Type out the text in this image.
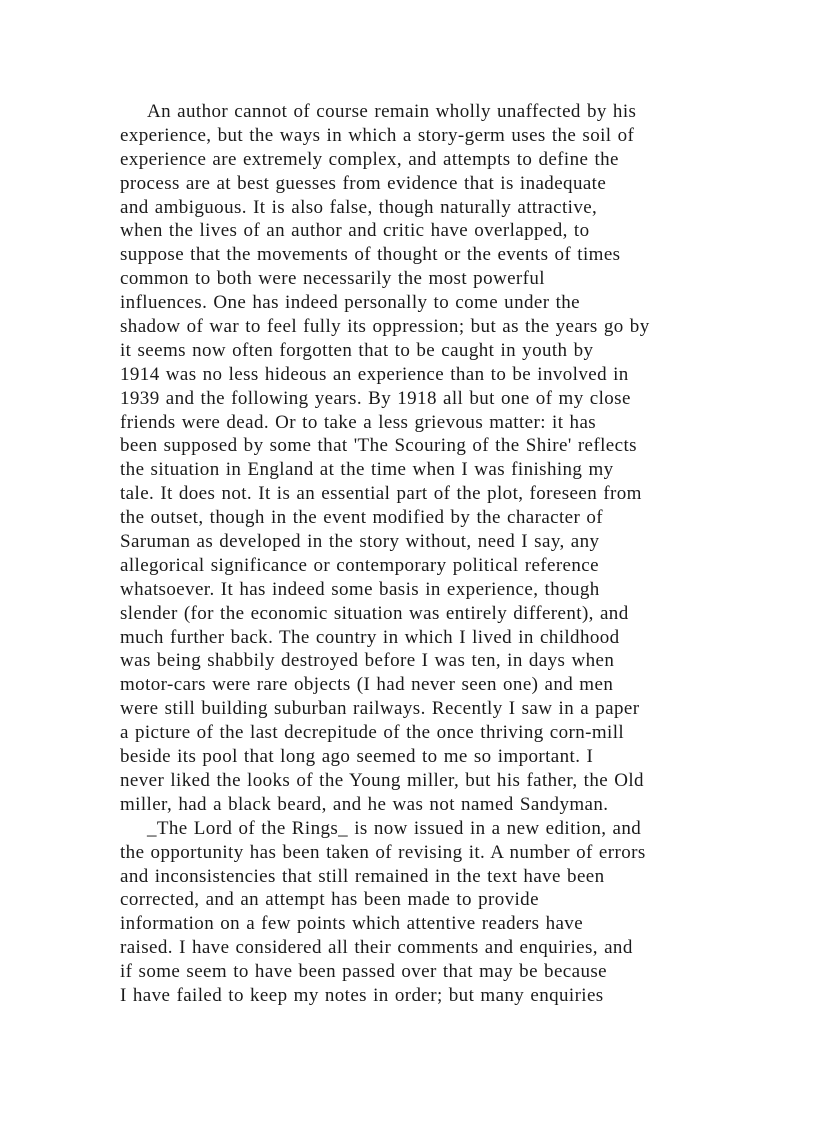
An author cannot of course remain wholly unaffected by his
experience, but the ways in which a story-germ uses the soil of
experience are extremely complex, and attempts to define the
process are at best guesses from evidence that is inadequate
and ambiguous. It is also false, though naturally attractive,
when the lives of an author and critic have overlapped, to
suppose that the movements of thought or the events of times
common to both were necessarily the most powerful
influences. One has indeed personally to come under the
shadow of war to feel fully its oppression; but as the years go by
it seems now often forgotten that to be caught in youth by
1914 was no less hideous an experience than to be involved in
1939 and the following years. By 1918 all but one of my close
friends were dead. Or to take a less grievous matter: it has
been supposed by some that 'The Scouring of the Shire' reflects
the situation in England at the time when I was finishing my
tale. It does not. It is an essential part of the plot, foreseen from
the outset, though in the event modified by the character of
Saruman as developed in the story without, need I say, any
allegorical significance or contemporary political reference
whatsoever. It has indeed some basis in experience, though
slender (for the economic situation was entirely different), and
much further back. The country in which I lived in childhood
was being shabbily destroyed before I was ten, in days when
motor-cars were rare objects (I had never seen one) and men
were still building suburban railways. Recently I saw in a paper
a picture of the last decrepitude of the once thriving corn-mill
beside its pool that long ago seemed to me so important. I
never liked the looks of the Young miller, but his father, the Old
miller, had a black beard, and he was not named Sandyman.
_The Lord of the Rings_ is now issued in a new edition, and
the opportunity has been taken of revising it. A number of errors
and inconsistencies that still remained in the text have been
corrected, and an attempt has been made to provide
information on a few points which attentive readers have
raised. I have considered all their comments and enquiries, and
if some seem to have been passed over that may be because
I have failed to keep my notes in order; but many enquiries
